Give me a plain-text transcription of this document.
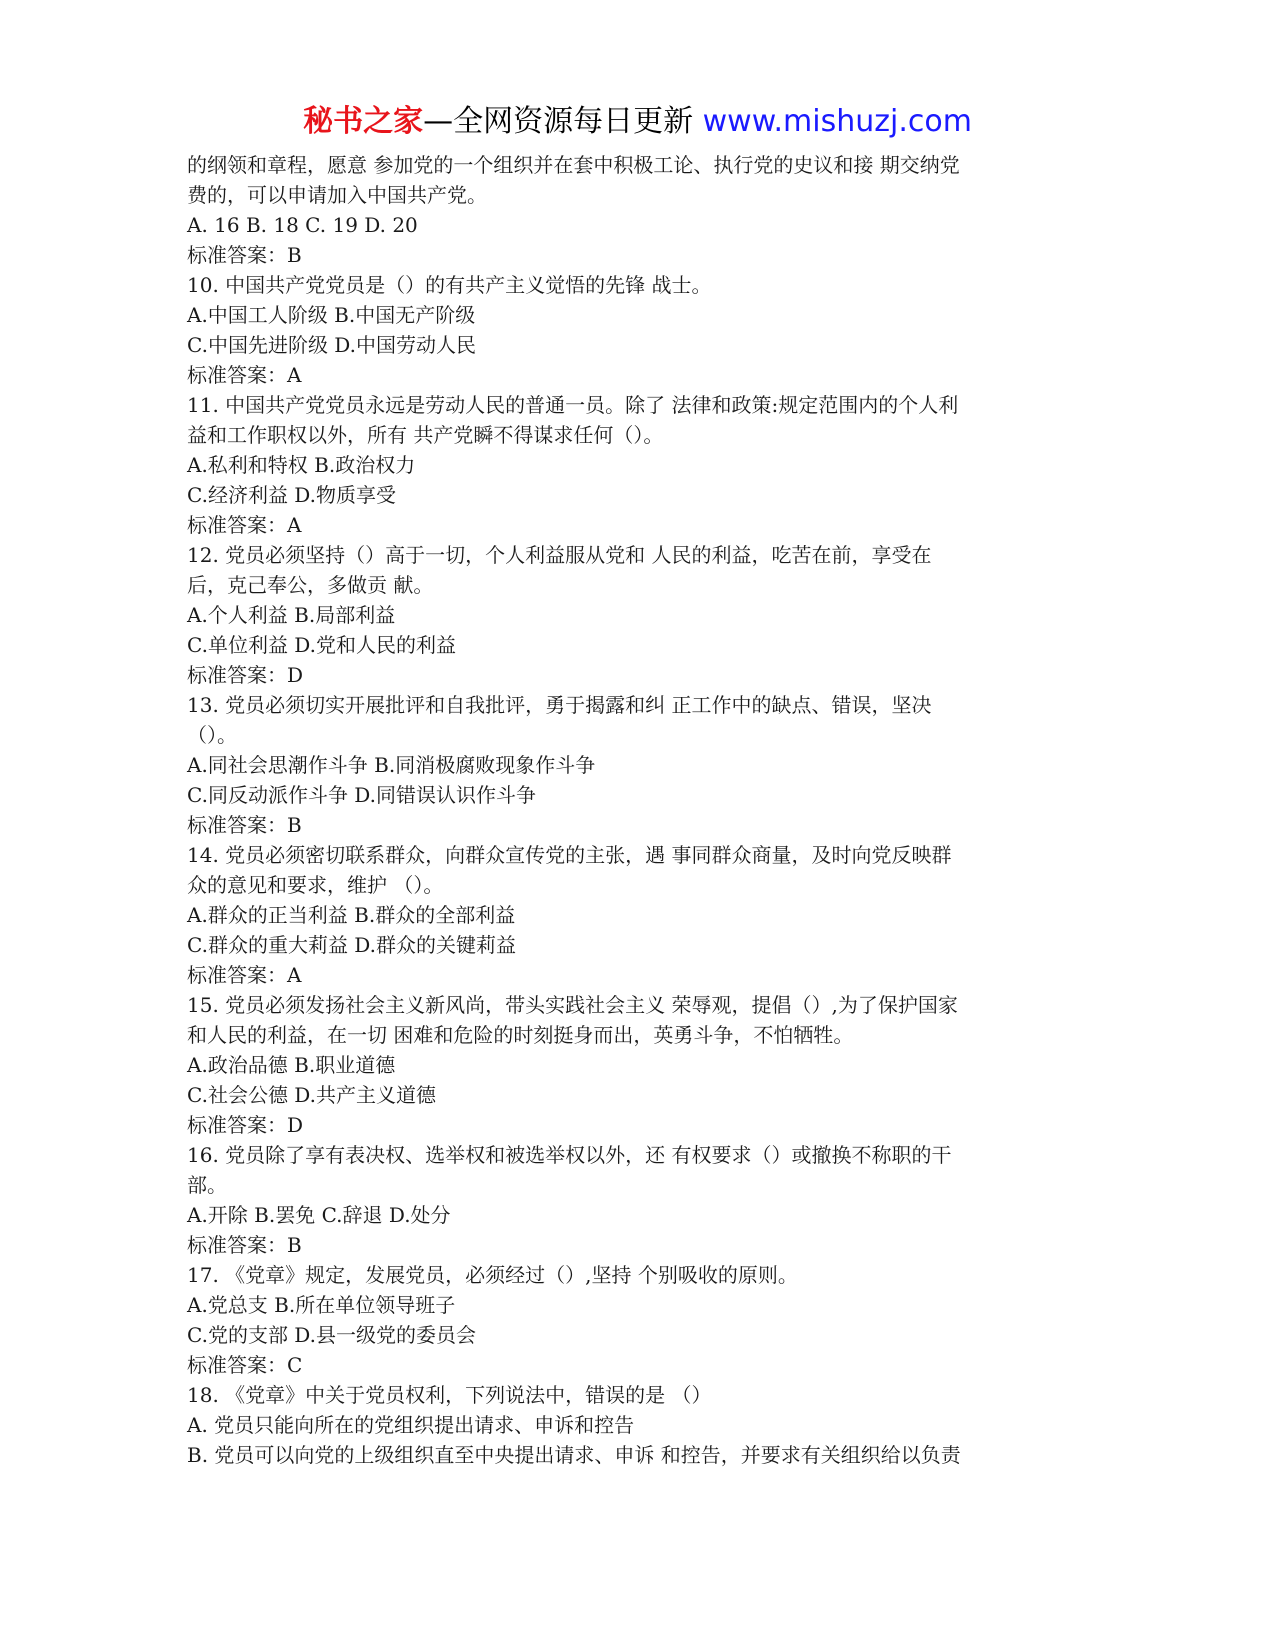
秘书之家—全网资源每日更新 www.mishuzj.com
的纲领和章程，愿意 参加党的一个组织并在套中积极工论、执行党的史议和接 期交纳党
费的，可以申请加入中国共产党。
A. 16 B. 18 C. 19 D. 20
标准答案：B
10. 中国共产党党员是（）的有共产主义觉悟的先锋 战士。
A.中国工人阶级 B.中国无产阶级
C.中国先进阶级 D.中国劳动人民
标准答案：A
11. 中国共产党党员永远是劳动人民的普通一员。除了 法律和政策:规定范围内的个人利
益和工作职权以外，所有 共产党瞬不得谋求任何（）。
A.私利和特权 B.政治权力
C.经济利益 D.物质享受
标准答案：A
12. 党员必须坚持（）高于一切，个人利益服从党和 人民的利益，吃苦在前，享受在
后，克己奉公，多做贡 献。
A.个人利益 B.局部利益
C.单位利益 D.党和人民的利益
标准答案：D
13. 党员必须切实开展批评和自我批评，勇于揭露和纠 正工作中的缺点、错误，坚决
（）。
A.同社会思潮作斗争 B.同消极腐败现象作斗争
C.同反动派作斗争 D.同错误认识作斗争
标准答案：B
14. 党员必须密切联系群众，向群众宣传党的主张，遇 事同群众商量，及时向党反映群
众的意见和要求，维护 （）。
A.群众的正当利益 B.群众的全部利益
C.群众的重大莉益 D.群众的关键莉益
标准答案：A
15. 党员必须发扬社会主义新风尚，带头实践社会主义 荣辱观，提倡（）,为了保护国家
和人民的利益，在一切 困难和危险的时刻挺身而出，英勇斗争，不怕牺牲。
A.政治品德 B.职业道德
C.社会公德 D.共产主义道德
标准答案：D
16. 党员除了享有表决权、选举权和被选举权以外，还 有权要求（）或撤换不称职的干
部。
A.开除 B.罢免 C.辞退 D.处分
标准答案：B
17. 《党章》规定，发展党员，必须经过（）,坚持 个别吸收的原则。
A.党总支 B.所在单位领导班子
C.党的支部 D.县一级党的委员会
标准答案：C
18. 《党章》中关于党员权利，下列说法中，错误的是 （）
A. 党员只能向所在的党组织提出请求、申诉和控告
B. 党员可以向党的上级组织直至中央提出请求、申诉 和控告，并要求有关组织给以负责
